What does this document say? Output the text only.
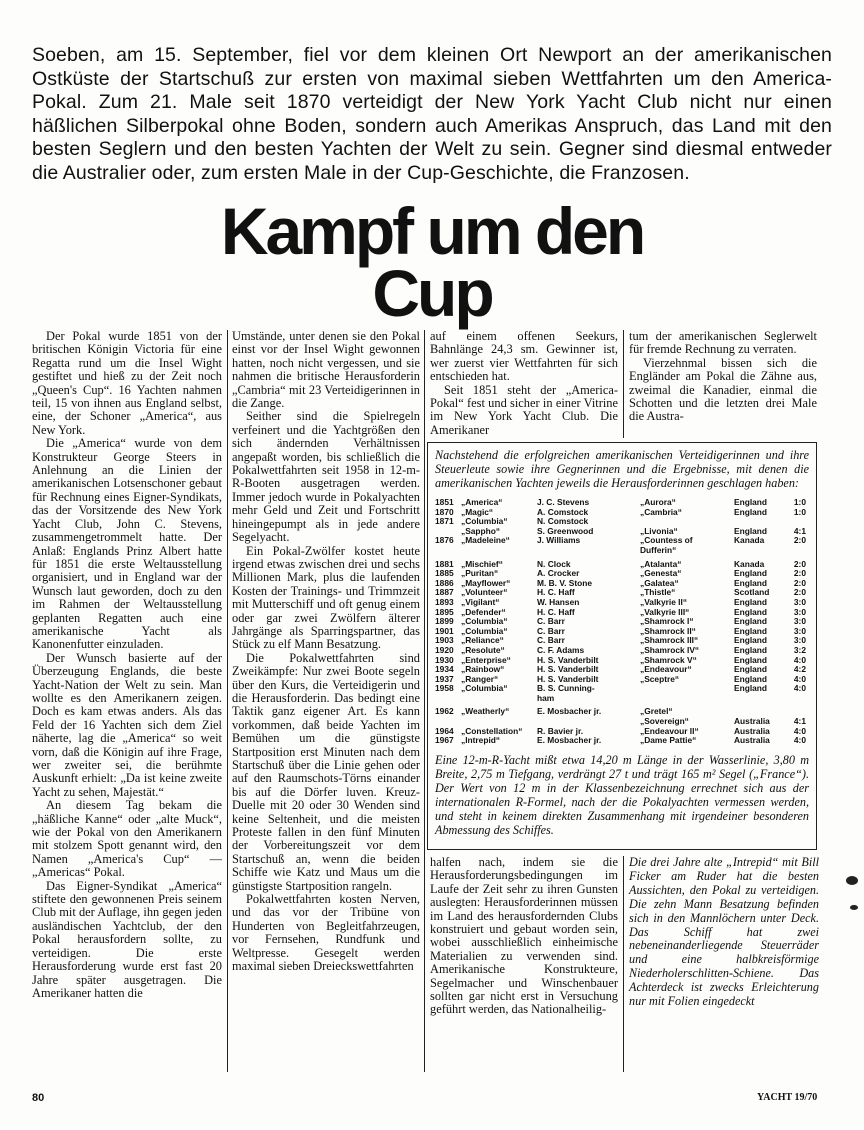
Soeben, am 15. September, fiel vor dem kleinen Ort Newport an der amerikanischen Ostküste der Startschuß zur ersten von maximal sieben Wettfahrten um den America-Pokal. Zum 21. Male seit 1870 verteidigt der New York Yacht Club nicht nur einen häßlichen Silberpokal ohne Boden, sondern auch Amerikas Anspruch, das Land mit den besten Seglern und den besten Yachten der Welt zu sein. Gegner sind diesmal entweder die Australier oder, zum ersten Male in der Cup-Geschichte, die Franzosen.
Kampf um den
Cup

Der Pokal wurde 1851 von der britischen Königin Victoria für eine Regatta rund um die Insel Wight gestiftet und hieß zu der Zeit noch „Queen's Cup“. 16 Yachten nahmen teil, 15 von ihnen aus England selbst, eine, der Schoner „America“, aus New York.

Die „America“ wurde von dem Konstrukteur George Steers in Anlehnung an die Linien der amerikanischen Lotsenschoner gebaut für Rechnung eines Eigner-Syndikats, das der Vorsitzende des New York Yacht Club, John C. Stevens, zusammengetrommelt hatte. Der Anlaß: Englands Prinz Albert hatte für 1851 die erste Weltausstellung organisiert, und in England war der Wunsch laut geworden, doch zu den im Rahmen der Weltausstellung geplanten Regatten auch eine amerikanische Yacht als Kanonenfutter einzuladen.

Der Wunsch basierte auf der Überzeugung Englands, die beste Yacht-Nation der Welt zu sein. Man wollte es den Amerikanern zeigen. Doch es kam etwas anders. Als das Feld der 16 Yachten sich dem Ziel näherte, lag die „America“ so weit vorn, daß die Königin auf ihre Frage, wer zweiter sei, die berühmte Auskunft erhielt: „Da ist keine zweite Yacht zu sehen, Majestät.“

An diesem Tag bekam die „häßliche Kanne“ oder „alte Muck“, wie der Pokal von den Amerikanern mit stolzem Spott genannt wird, den Namen „America's Cup“ — „Americas“ Pokal.

Das Eigner-Syndikat „America“ stiftete den gewonnenen Preis seinem Club mit der Auflage, ihn gegen jeden ausländischen Yachtclub, der den Pokal herausfordern sollte, zu verteidigen. Die erste Herausforderung wurde erst fast 20 Jahre später ausgetragen. Die Amerikaner hatten die

Umstände, unter denen sie den Pokal einst vor der Insel Wight gewonnen hatten, noch nicht vergessen, und sie nahmen die britische Herausforderin „Cambria“ mit 23 Verteidigerinnen in die Zange.

Seither sind die Spielregeln verfeinert und die Yachtgrößen den sich ändernden Verhältnissen angepaßt worden, bis schließlich die Pokalwettfahrten seit 1958 in 12-m-R-Booten ausgetragen werden. Immer jedoch wurde in Pokalyachten mehr Geld und Zeit und Fortschritt hineingepumpt als in jede andere Segelyacht.

Ein Pokal-Zwölfer kostet heute irgend etwas zwischen drei und sechs Millionen Mark, plus die laufenden Kosten der Trainings- und Trimmzeit mit Mutterschiff und oft genug einem oder gar zwei Zwölfern älterer Jahrgänge als Sparringspartner, das Stück zu elf Mann Besatzung.

Die Pokalwettfahrten sind Zweikämpfe: Nur zwei Boote segeln über den Kurs, die Verteidigerin und die Herausforderin. Das bedingt eine Taktik ganz eigener Art. Es kann vorkommen, daß beide Yachten im Bemühen um die günstigste Startposition erst Minuten nach dem Startschuß über die Linie gehen oder auf den Raumschots-Törns einander bis auf die Dörfer luven. Kreuz-Duelle mit 20 oder 30 Wenden sind keine Seltenheit, und die meisten Proteste fallen in den fünf Minuten der Vorbereitungszeit vor dem Startschuß an, wenn die beiden Schiffe wie Katz und Maus um die günstigste Startposition rangeln.

Pokalwettfahrten kosten Nerven, und das vor der Tribüne von Hunderten von Begleitfahrzeugen, vor Fernsehen, Rundfunk und Weltpresse. Gesegelt werden maximal sieben Dreieckswettfahrten

auf einem offenen Seekurs, Bahnlänge 24,3 sm. Gewinner ist, wer zuerst vier Wettfahrten für sich entschieden hat.

Seit 1851 steht der „America-Pokal“ fest und sicher in einer Vitrine im New York Yacht Club. Die Amerikaner

tum der amerikanischen Seglerwelt für fremde Rechnung zu verraten.

Vierzehnmal bissen sich die Engländer am Pokal die Zähne aus, zweimal die Kanadier, einmal die Schotten und die letzten drei Male die Austra-

Nachstehend die erfolgreichen amerikanischen Verteidigerinnen und ihre Steuerleute sowie ihre Gegnerinnen und die Ergebnisse, mit denen die amerikanischen Yachten jeweils die Herausforderinnen geschlagen haben:

1851	„America“	J. C. Stevens	„Aurora“	England	1:0
1870	„Magic“	A. Comstock	„Cambria“	England	1:0
1871	„Columbia“	N. Comstock			
	„Sappho“	S. Greenwood	„Livonia“	England	4:1
1876	„Madeleine“	J. Williams	„Countess of	Kanada	2:0
			Dufferin“		
1881	„Mischief“	N. Clock	„Atalanta“	Kanada	2:0
1885	„Puritan“	A. Crocker	„Genesta“	England	2:0
1886	„Mayflower“	M. B. V. Stone	„Galatea“	England	2:0
1887	„Volunteer“	H. C. Haff	„Thistle“	Scotland	2:0
1893	„Vigilant“	W. Hansen	„Valkyrie II“	England	3:0
1895	„Defender“	H. C. Haff	„Valkyrie III“	England	3:0
1899	„Columbia“	C. Barr	„Shamrock I“	England	3:0
1901	„Columbia“	C. Barr	„Shamrock II“	England	3:0
1903	„Reliance“	C. Barr	„Shamrock III“	England	3:0
1920	„Resolute“	C. F. Adams	„Shamrock IV“	England	3:2
1930	„Enterprise“	H. S. Vanderbilt	„Shamrock V“	England	4:0
1934	„Rainbow“	H. S. Vanderbilt	„Endeavour“	England	4:2
1937	„Ranger“	H. S. Vanderbilt	„Sceptre“	England	4:0
1958	„Columbia“	B. S. Cunning-		England	4:0
		ham			
1962	„Weatherly“	E. Mosbacher jr.	„Gretel“		
			„Sovereign“	Australia	4:1
1964	„Constellation“	R. Bavier jr.	„Endeavour II“	Australia	4:0
1967	„Intrepid“	E. Mosbacher jr.	„Dame Pattie“	Australia	4:0

Eine 12-m-R-Yacht mißt etwa 14,20 m Länge in der Wasserlinie, 3,80 m Breite, 2,75 m Tiefgang, verdrängt 27 t und trägt 165 m² Segel („France“). Der Wert von 12 m in der Klassenbezeichnung errechnet sich aus der internationalen R-Formel, nach der die Pokalyachten vermessen werden, und steht in keinem direkten Zusammenhang mit irgendeiner besonderen Abmessung des Schiffes.

halfen nach, indem sie die Herausforderungsbedingungen im Laufe der Zeit sehr zu ihren Gunsten auslegten: Herausforderinnen müssen im Land des herausfordernden Clubs konstruiert und gebaut worden sein, wobei ausschließlich einheimische Materialien zu verwenden sind. Amerikanische Konstrukteure, Segelmacher und Winschenbauer sollten gar nicht erst in Versuchung geführt werden, das Nationalheilig-

Die drei Jahre alte „Intrepid“ mit Bill Ficker am Ruder hat die besten Aussichten, den Pokal zu verteidigen. Die zehn Mann Besatzung befinden sich in den Mannlöchern unter Deck. Das Schiff hat zwei nebeneinanderliegende Steuerräder und eine halbkreisförmige Niederholerschlitten-Schiene. Das Achterdeck ist zwecks Erleichterung nur mit Folien eingedeckt

80	YACHT 19/70
